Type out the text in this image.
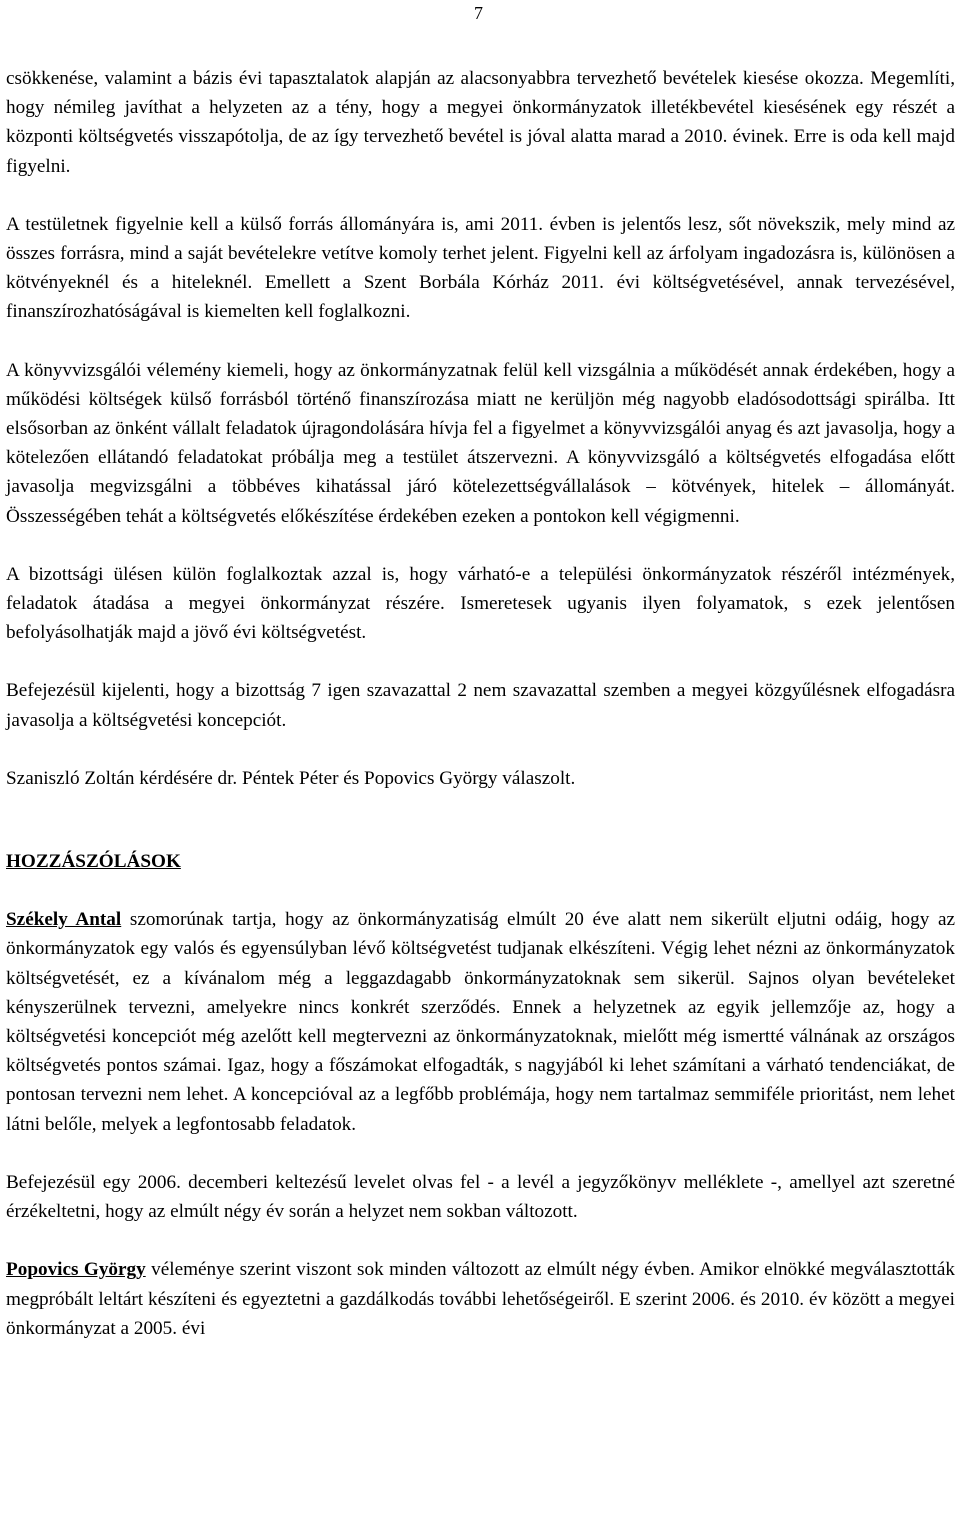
7

csökkenése, valamint a bázis évi tapasztalatok alapján az alacsonyabbra tervezhető bevételek kiesése okozza. Megemlíti, hogy némileg javíthat a helyzeten az a tény, hogy a megyei önkormányzatok illetékbevétel kiesésének egy részét a központi költségvetés visszapótolja, de az így tervezhető bevétel is jóval alatta marad a 2010. évinek. Erre is oda kell majd figyelni.

A testületnek figyelnie kell a külső forrás állományára is, ami 2011. évben is jelentős lesz, sőt növekszik, mely mind az összes forrásra, mind a saját bevételekre vetítve komoly terhet jelent. Figyelni kell az árfolyam ingadozásra is, különösen a kötvényeknél és a hiteleknél. Emellett a Szent Borbála Kórház 2011. évi költségvetésével, annak tervezésével, finanszírozhatóságával is kiemelten kell foglalkozni.

A könyvvizsgálói vélemény kiemeli, hogy az önkormányzatnak felül kell vizsgálnia a működését annak érdekében, hogy a működési költségek külső forrásból történő finanszírozása miatt ne kerüljön még nagyobb eladósodottsági spirálba. Itt elsősorban az önként vállalt feladatok újragondolására hívja fel a figyelmet a könyvvizsgálói anyag és azt javasolja, hogy a kötelezően ellátandó feladatokat próbálja meg a testület átszervezni. A könyvvizsgáló a költségvetés elfogadása előtt javasolja megvizsgálni a többéves kihatással járó kötelezettségvállalások – kötvények, hitelek – állományát. Összességében tehát a költségvetés előkészítése érdekében ezeken a pontokon kell végigmenni.

A bizottsági ülésen külön foglalkoztak azzal is, hogy várható-e a települési önkormányzatok részéről intézmények, feladatok átadása a megyei önkormányzat részére. Ismeretesek ugyanis ilyen folyamatok, s ezek jelentősen befolyásolhatják majd a jövő évi költségvetést.

Befejezésül kijelenti, hogy a bizottság 7 igen szavazattal 2 nem szavazattal szemben a megyei közgyűlésnek elfogadásra javasolja a költségvetési koncepciót.

Szaniszló Zoltán kérdésére dr. Péntek Péter és Popovics György válaszolt.

HOZZÁSZÓLÁSOK

Székely Antal szomorúnak tartja, hogy az önkormányzatiság elmúlt 20 éve alatt nem sikerült eljutni odáig, hogy az önkormányzatok egy valós és egyensúlyban lévő költségvetést tudjanak elkészíteni. Végig lehet nézni az önkormányzatok költségvetését, ez a kívánalom még a leggazdagabb önkormányzatoknak sem sikerül. Sajnos olyan bevételeket kényszerülnek tervezni, amelyekre nincs konkrét szerződés. Ennek a helyzetnek az egyik jellemzője az, hogy a költségvetési koncepciót még azelőtt kell megtervezni az önkormányzatoknak, mielőtt még ismertté válnának az országos költségvetés pontos számai. Igaz, hogy a főszámokat elfogadták, s nagyjából ki lehet számítani a várható tendenciákat, de pontosan tervezni nem lehet. A koncepcióval az a legfőbb problémája, hogy nem tartalmaz semmiféle prioritást, nem lehet látni belőle, melyek a legfontosabb feladatok.

Befejezésül egy 2006. decemberi keltezésű levelet olvas fel - a levél a jegyzőkönyv melléklete -, amellyel azt szeretné érzékeltetni, hogy az elmúlt négy év során a helyzet nem sokban változott.

Popovics György véleménye szerint viszont sok minden változott az elmúlt négy évben. Amikor elnökké megválasztották megpróbált leltárt készíteni és egyeztetni a gazdálkodás további lehetőségeiről. E szerint 2006. és 2010. év között a megyei önkormányzat a 2005. évi
